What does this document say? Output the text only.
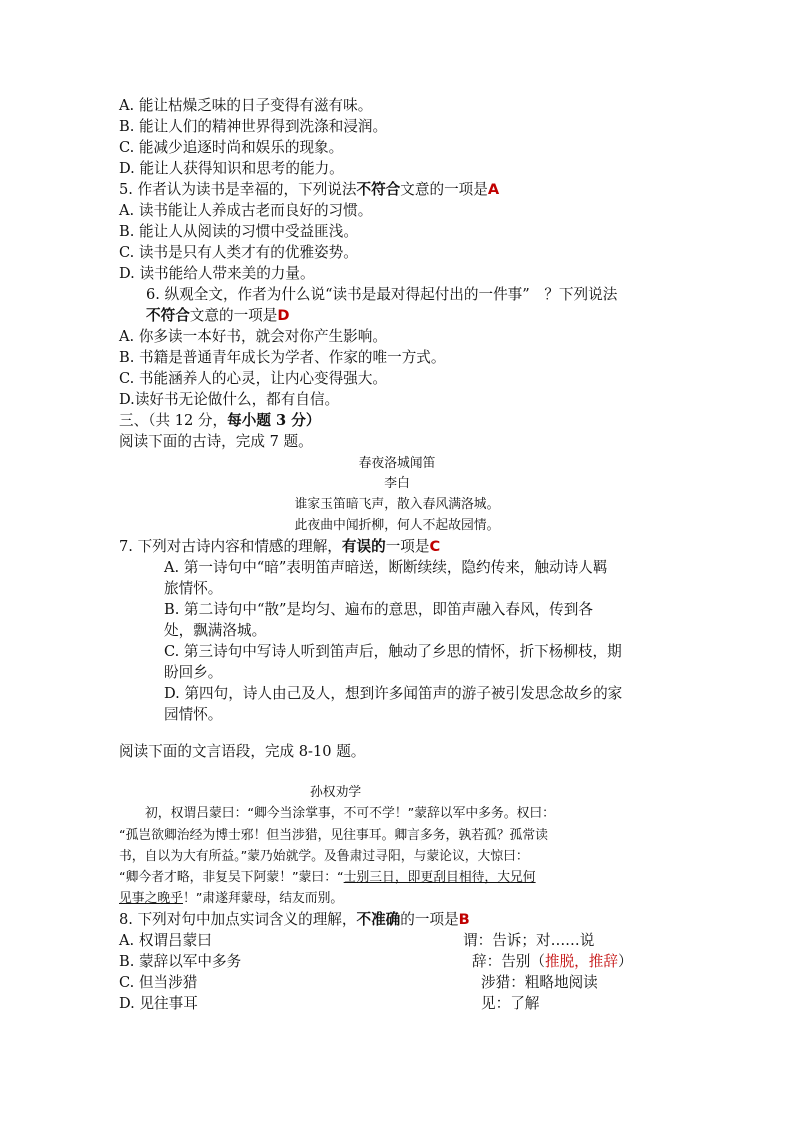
A. 能让枯燥乏味的日子变得有滋有味。
B. 能让人们的精神世界得到洗涤和浸润。
C. 能减少追逐时尚和娱乐的现象。
D. 能让人获得知识和思考的能力。
5. 作者认为读书是幸福的，下列说法不符合文意的一项是A
A. 读书能让人养成古老而良好的习惯。
B. 能让人从阅读的习惯中受益匪浅。
C. 读书是只有人类才有的优雅姿势。
D. 读书能给人带来美的力量。
6. 纵观全文，作者为什么说“读书是最对得起付出的一件事”　？下列说法
不符合文意的一项是D
A. 你多读一本好书，就会对你产生影响。
B. 书籍是普通青年成长为学者、作家的唯一方式。
C. 书能涵养人的心灵，让内心变得强大。
D.读好书无论做什么，都有自信。
三、（共 12 分，每小题 3 分）
阅读下面的古诗，完成 7 题。
春夜洛城闻笛
李白
谁家玉笛暗飞声，散入春风满洛城。
此夜曲中闻折柳，何人不起故园情。
7. 下列对古诗内容和情感的理解，有误的一项是C
A. 第一诗句中“暗”表明笛声暗送，断断续续，隐约传来，触动诗人羁
旅情怀。
B. 第二诗句中“散”是均匀、遍布的意思，即笛声融入春风，传到各
处，飘满洛城。
C. 第三诗句中写诗人听到笛声后，触动了乡思的情怀，折下杨柳枝，期
盼回乡。
D. 第四句，诗人由己及人，想到许多闻笛声的游子被引发思念故乡的家
园情怀。
阅读下面的文言语段，完成 8-10 题。
孙权劝学
初，权谓吕蒙曰：“卿今当涂掌事，不可不学！”蒙辞以军中多务。权曰：
“孤岂欲卿治经为博士邪！但当涉猎，见往事耳。卿言多务，孰若孤？孤常读
书，自以为大有所益。”蒙乃始就学。及鲁肃过寻阳，与蒙论议，大惊曰：
“卿今者才略，非复吴下阿蒙！”蒙曰：“士别三日，即更刮目相待，大兄何
见事之晚乎！”肃遂拜蒙母，结友而别。
8. 下列对句中加点实词含义的理解，不准确的一项是B
A. 权谓吕蒙曰	谓：告诉；对……说
B. 蒙辞以军中多务	辞：告别（推脱，推辞）
C. 但当涉猎	涉猎：粗略地阅读
D. 见往事耳	见：了解
